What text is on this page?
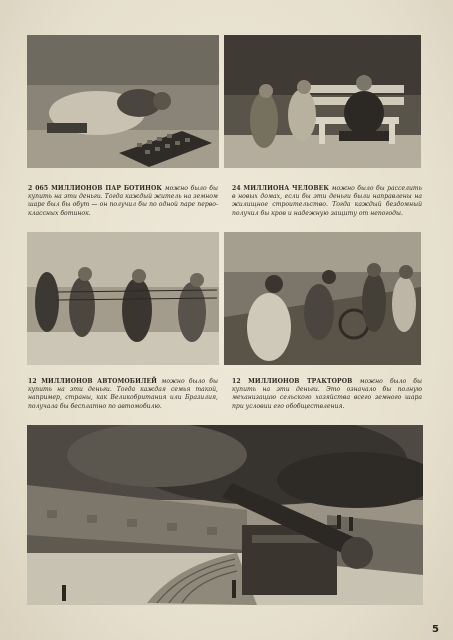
2 065 МИЛЛИОНОВ ПАР БОТИНОК можно было бы купить на эти деньги. Тогда каждый житель на земном шаре был бы обут — он получил бы по одной паре перво-классных ботинок.
24 МИЛЛИОНА ЧЕЛОВЕК можно было бы расселить в новых домах, если бы эти деньги были направлены на жилищное строительство. Тогда каждый бездомный получил бы кров и надежную защиту от непогоды.
12 МИЛЛИОНОВ АВТОМОБИЛЕЙ можно было бы купить на эти деньги. Тогда каждая семья такой, например, страны, как Великобритания или Бразилия, получала бы бесплатно по автомобилю.
12 МИЛЛИОНОВ ТРАКТОРОВ можно было бы купить на эти деньги. Это означало бы полную механизацию сельского хозяйства всего земного шара при условии его обобществления.
5
